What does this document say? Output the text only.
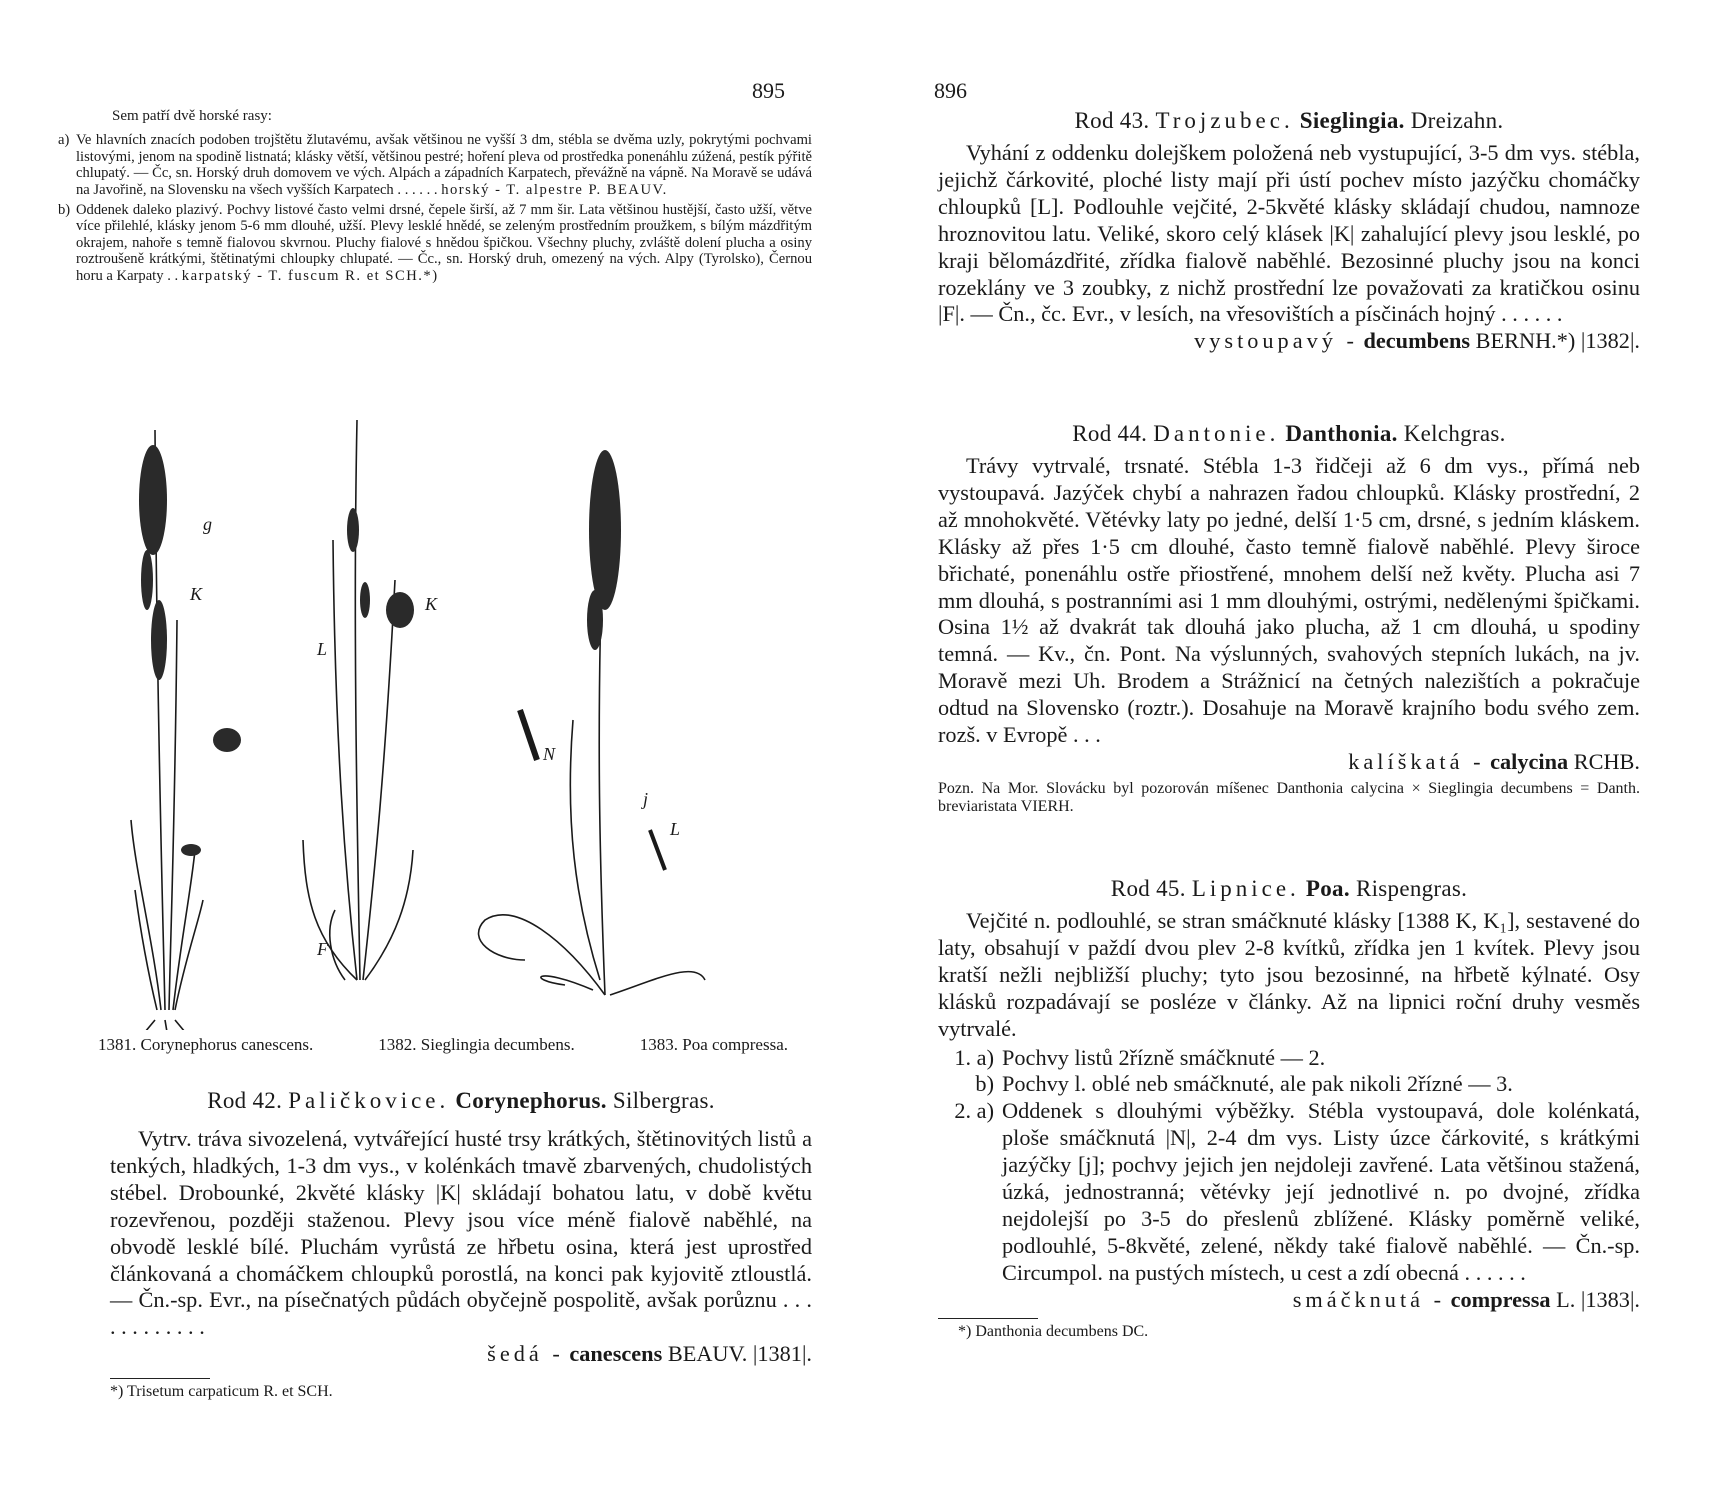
895
Sem patří dvě horské rasy:
a) Ve hlavních znacích podoben trojštětu žlutavému, avšak většinou ne vyšší 3 dm, stébla se dvěma uzly, pokrytými pochvami listovými, jenom na spodině listnatá; klásky větší, většinou pestré; hoření pleva od prostředka ponenáhlu zúžená, pestík pýřitě chlupatý. — Čc, sn. Horský druh domovem ve vých. Alpách a západních Karpatech, převážně na vápně. Na Moravě se udává na Javořině, na Slovensku na všech vyšších Karpatech . . . . . . horský - T. alpestre P. BEAUV.
b) Oddenek daleko plazivý. Pochvy listové často velmi drsné, čepele širší, až 7 mm šir. Lata většinou hustější, často užší, větve více přilehlé, klásky jenom 5-6 mm dlouhé, užší. Plevy lesklé hnědé, se zeleným prostředním proužkem, s bílým mázdřitým okrajem, nahoře s temně fialovou skvrnou. Pluchy fialové s hnědou špičkou. Všechny pluchy, zvláště dolení plucha a osiny roztroušeně krátkými, štětinatými chloupky chlupaté. — Čc., sn. Horský druh, omezený na vých. Alpy (Tyrolsko), Černou horu a Karpaty . . karpatský - T. fuscum R. et SCH.*)
g
K
L
K
F
N
j
L
1381. Corynephorus canescens.	1382. Sieglingia decumbens.	1383. Poa compressa.
Rod 42. Paličkovice. Corynephorus. Silbergras.
Vytrv. tráva sivozelená, vytvářející husté trsy krátkých, štětinovitých listů a tenkých, hladkých, 1-3 dm vys., v kolénkách tmavě zbarvených, chudolistých stébel. Drobounké, 2květé klásky |K| skládají bohatou latu, v době květu rozevřenou, později staženou. Plevy jsou více méně fialově naběhlé, na obvodě lesklé bílé. Pluchám vyrůstá ze hřbetu osina, která jest uprostřed článkovaná a chomáčkem chloupků porostlá, na konci pak kyjovitě ztloustlá. — Čn.-sp. Evr., na písečnatých půdách obyčejně pospolitě, avšak porůznu . . . . . . . . . . . .
šedá - canescens BEAUV. |1381|.
*) Trisetum carpaticum R. et SCH.
896
Rod 43. Trojzubec. Sieglingia. Dreizahn.
Vyhání z oddenku dolejškem položená neb vystupující, 3-5 dm vys. stébla, jejichž čárkovité, ploché listy mají při ústí pochev místo jazýčku chomáčky chloupků [L]. Podlouhle vejčité, 2-5květé klásky skládají chudou, namnoze hroznovitou latu. Veliké, skoro celý klásek |K| zahalující plevy jsou lesklé, po kraji bělomázdřité, zřídka fialově naběhlé. Bezosinné pluchy jsou na konci rozeklány ve 3 zoubky, z nichž prostřední lze považovati za kratičkou osinu |F|. — Čn., čc. Evr., v lesích, na vřesovištích a písčinách hojný . . . . . .
vystoupavý - decumbens BERNH.*) |1382|.
Rod 44. Dantonie. Danthonia. Kelchgras.
Trávy vytrvalé, trsnaté. Stébla 1-3 řidčeji až 6 dm vys., přímá neb vystoupavá. Jazýček chybí a nahrazen řadou chloupků. Klásky prostřední, 2 až mnohokvěté. Větévky laty po jedné, delší 1·5 cm, drsné, s jedním kláskem. Klásky až přes 1·5 cm dlouhé, často temně fialově naběhlé. Plevy široce břichaté, ponenáhlu ostře přiostřené, mnohem delší než květy. Plucha asi 7 mm dlouhá, s postranními asi 1 mm dlouhými, ostrými, nedělenými špičkami. Osina 1½ až dvakrát tak dlouhá jako plucha, až 1 cm dlouhá, u spodiny temná. — Kv., čn. Pont. Na výslunných, svahových stepních lukách, na jv. Moravě mezi Uh. Brodem a Strážnicí na četných nalezištích a pokračuje odtud na Slovensko (roztr.). Dosahuje na Moravě krajního bodu svého zem. rozš. v Evropě . . .
kalíškatá - calycina RCHB.
Pozn. Na Mor. Slovácku byl pozorován míšenec Danthonia calycina × Sieglingia decumbens = Danth. breviaristata VIERH.
Rod 45. Lipnice. Poa. Rispengras.
Vejčité n. podlouhlé, se stran smáčknuté klásky [1388 K, K₁], sestavené do laty, obsahují v paždí dvou plev 2-8 kvítků, zřídka jen 1 kvítek. Plevy jsou kratší nežli nejbližší pluchy; tyto jsou bezosinné, na hřbetě kýlnaté. Osy klásků rozpadávají se posléze v články. Až na lipnici roční druhy vesměs vytrvalé.
1. a) Pochvy listů 2řízně smáčknuté — 2.
b) Pochvy l. oblé neb smáčknuté, ale pak nikoli 2řízné — 3.
2. a) Oddenek s dlouhými výběžky. Stébla vystoupavá, dole kolénkatá, ploše smáčknutá |N|, 2-4 dm vys. Listy úzce čárkovité, s krátkými jazýčky [j]; pochvy jejich jen nejdoleji zavřené. Lata většinou stažená, úzká, jednostranná; větévky její jednotlivé n. po dvojné, zřídka nejdolejší po 3-5 do přeslenů zblížené. Klásky poměrně veliké, podlouhlé, 5-8květé, zelené, někdy také fialově naběhlé. — Čn.-sp. Circumpol. na pustých místech, u cest a zdí obecná . . . . . .
smáčknutá - compressa L. |1383|.
*) Danthonia decumbens DC.
